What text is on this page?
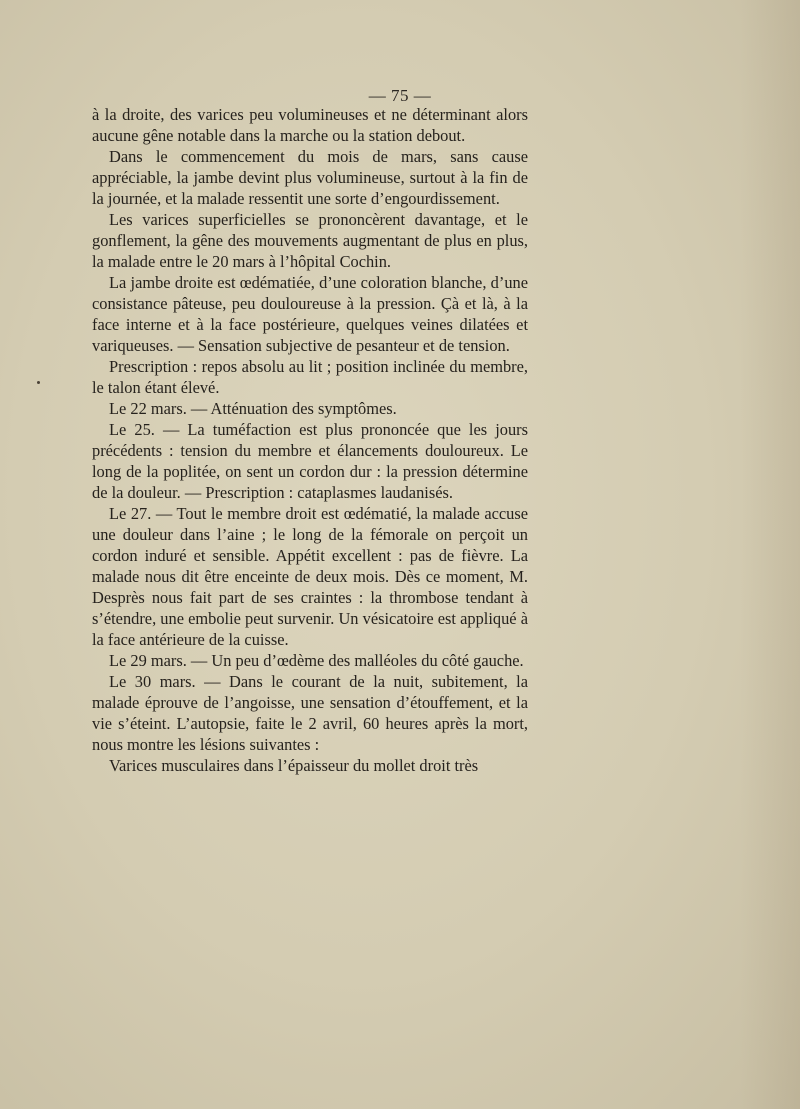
— 75 —

à la droite, des varices peu volumineuses et ne déterminant alors aucune gêne notable dans la marche ou la station debout.

Dans le commencement du mois de mars, sans cause appréciable, la jambe devint plus volumineuse, surtout à la fin de la journée, et la malade ressentit une sorte d’engourdissement.

Les varices superficielles se prononcèrent davantage, et le gonflement, la gêne des mouvements augmentant de plus en plus, la malade entre le 20 mars à l’hôpital Cochin.

La jambe droite est œdématiée, d’une coloration blanche, d’une consistance pâteuse, peu douloureuse à la pression. Çà et là, à la face interne et à la face postérieure, quelques veines dilatées et variqueuses. — Sensation subjective de pesanteur et de tension.

Prescription : repos absolu au lit ; position inclinée du membre, le talon étant élevé.

Le 22 mars. — Atténuation des symptômes.

Le 25. — La tuméfaction est plus prononcée que les jours précédents : tension du membre et élancements douloureux. Le long de la poplitée, on sent un cordon dur : la pression détermine de la douleur. — Prescription : cataplasmes laudanisés.

Le 27. — Tout le membre droit est œdématié, la malade accuse une douleur dans l’aine ; le long de la fémorale on perçoit un cordon induré et sensible. Appétit excellent : pas de fièvre. La malade nous dit être enceinte de deux mois. Dès ce moment, M. Desprès nous fait part de ses craintes : la thrombose tendant à s’étendre, une embolie peut survenir. Un vésicatoire est appliqué à la face antérieure de la cuisse.

Le 29 mars. — Un peu d’œdème des malléoles du côté gauche.

Le 30 mars. — Dans le courant de la nuit, subitement, la malade éprouve de l’angoisse, une sensation d’étouffement, et la vie s’éteint. L’autopsie, faite le 2 avril, 60 heures après la mort, nous montre les lésions suivantes :

Varices musculaires dans l’épaisseur du mollet droit très
